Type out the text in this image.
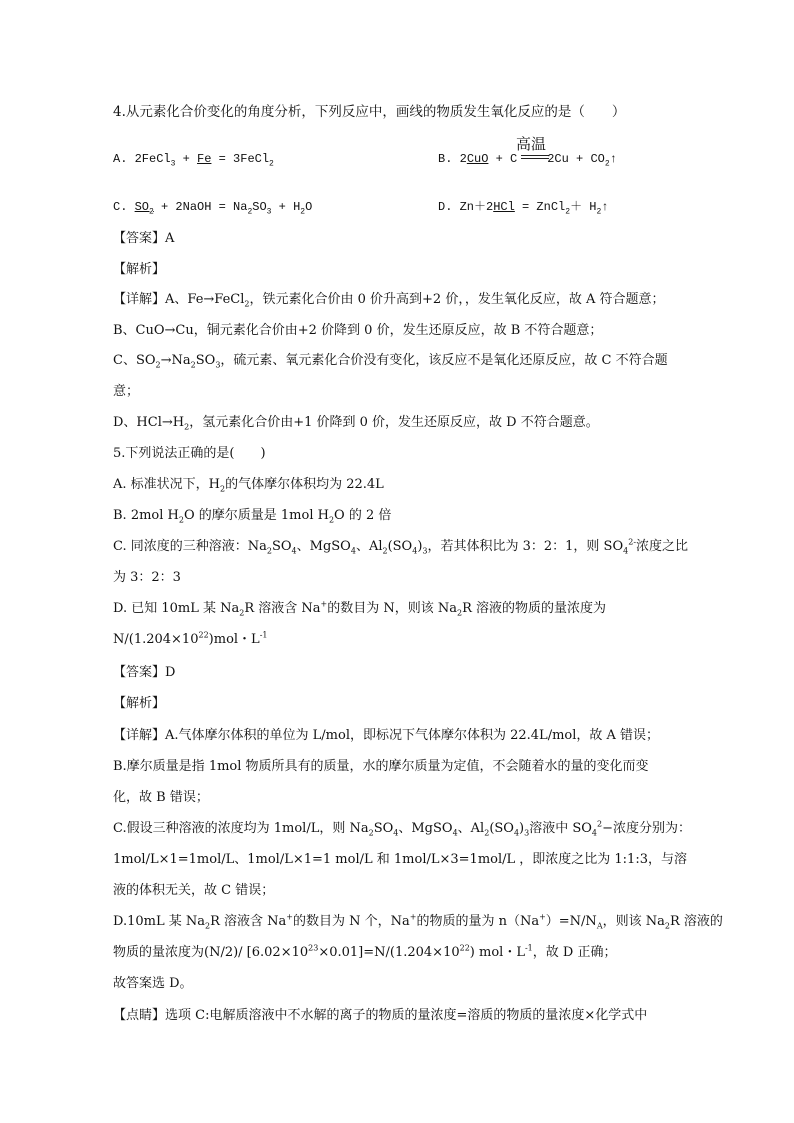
4.从元素化合价变化的角度分析，下列反应中，画线的物质发生氧化反应的是（　　）
A. 2FeCl$_3$ + Fe = 3FeCl$_2$
高温
B. 2CuO + C	$2Cu + CO_2↑$
C. $SO_2$ + 2NaOH = $Na_2SO_3 + H_2O$	D. Zn＋2HCl = ZnCl$_2$＋ $H_2↑$
【答案】A
【解析】
【详解】A、Fe→FeCl$_2$，铁元素化合价由 0 价升高到+2 价，，发生氧化反应，故 A 符合题意；
B、CuO→Cu，铜元素化合价由+2 价降到 0 价，发生还原反应，故 B 不符合题意；
C、$SO_2\to Na_2SO_3$，硫元素、氧元素化合价没有变化，该反应不是氧化还原反应，故 C 不符合题
意；
D、$HCl\to H_2$，氢元素化合价由+1 价降到 0 价，发生还原反应，故 D 不符合题意。
5.下列说法正确的是(　　)
A. 标准状况下，$H_2$的气体摩尔体积均为 22.4L
B. 2mol $H_2O$ 的摩尔质量是 1mol $H_2O$ 的 2 倍
C. 同浓度的三种溶液：$Na_2SO_4$、MgSO$_4$、$Al_2(SO_4)_3$，若其体积比为 3：2：1，则 $SO_4^{2-}$浓度之比
为 3：2：3
D. 已知 10mL 某 $Na_2R$ 溶液含 Na+的数目为 N，则该 $Na_2R$ 溶液的物质的量浓度为
$N/(1.204\times 10^{22})mol$・$L^{-1}$
【答案】D
【解析】
【详解】A.气体摩尔体积的单位为 L/mol，即标况下气体摩尔体积为 22.4L/mol，故 A 错误；
B.摩尔质量是指 1mol 物质所具有的质量，水的摩尔质量为定值，不会随着水的量的变化而变
化，故 B 错误；
C.假设三种溶液的浓度均为 1mol/L，则 $Na_2SO_4$、MgSO$_4$、$Al_2(SO_4)_3$溶液中 $SO_4^2-$浓度分别为：
1mol/L×1=1mol/L、1mol/L×1=1 mol/L 和 1mol/L×3=1mol/L ，即浓度之比为 1:1:3，与溶
液的体积无关，故 C 错误；
D.10mL 某 $Na_2R$ 溶液含 Na+的数目为 N 个，Na+的物质的量为 $n(Na^+)=N/N_A$，则该 $Na_2R$ 溶液的
物质的量浓度为(N/2)/ $[6.02\times 10^{23}\times 0.01]=N/(1.204\times 10^{22})$ mol・$L^{-1}$，故 D 正确；
故答案选 D。
【点睛】选项 C:电解质溶液中不水解的离子的物质的量浓度=溶质的物质的量浓度×化学式中
